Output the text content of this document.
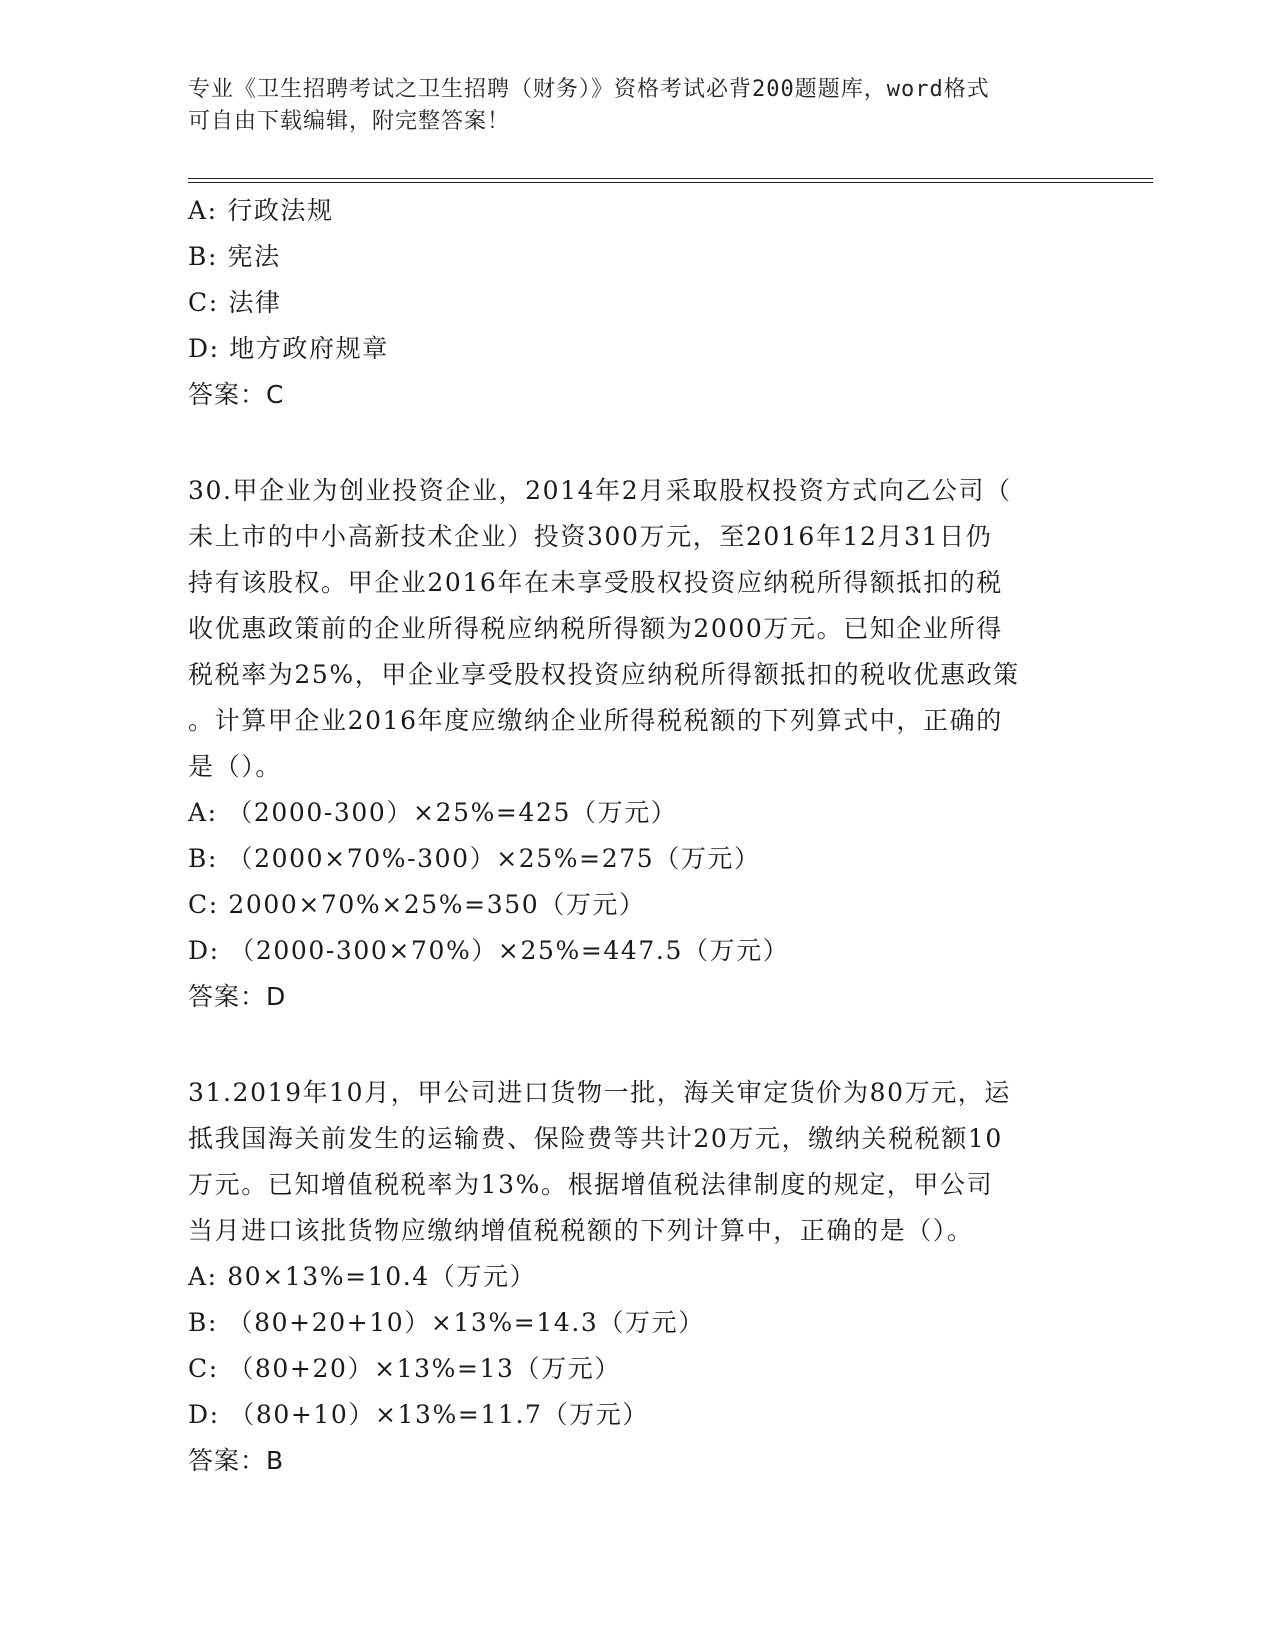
专业《卫生招聘考试之卫生招聘（财务）》资格考试必背200题题库，word格式
可自由下载编辑，附完整答案！
A: 行政法规
B: 宪法
C: 法律
D: 地方政府规章
答案：C
30.甲企业为创业投资企业，2014年2月采取股权投资方式向乙公司（
未上市的中小高新技术企业）投资300万元，至2016年12月31日仍
持有该股权。甲企业2016年在未享受股权投资应纳税所得额抵扣的税
收优惠政策前的企业所得税应纳税所得额为2000万元。已知企业所得
税税率为25%，甲企业享受股权投资应纳税所得额抵扣的税收优惠政策
。计算甲企业2016年度应缴纳企业所得税税额的下列算式中，正确的
是（）。
A: （2000-300）×25%=425（万元）
B: （2000×70%-300）×25%=275（万元）
C: 2000×70%×25%=350（万元）
D: （2000-300×70%）×25%=447.5（万元）
答案：D
31.2019年10月，甲公司进口货物一批，海关审定货价为80万元，运
抵我国海关前发生的运输费、保险费等共计20万元，缴纳关税税额10
万元。已知增值税税率为13%。根据增值税法律制度的规定，甲公司
当月进口该批货物应缴纳增值税税额的下列计算中，正确的是（）。
A: 80×13%=10.4（万元）
B: （80+20+10）×13%=14.3（万元）
C: （80+20）×13%=13（万元）
D: （80+10）×13%=11.7（万元）
答案：B
